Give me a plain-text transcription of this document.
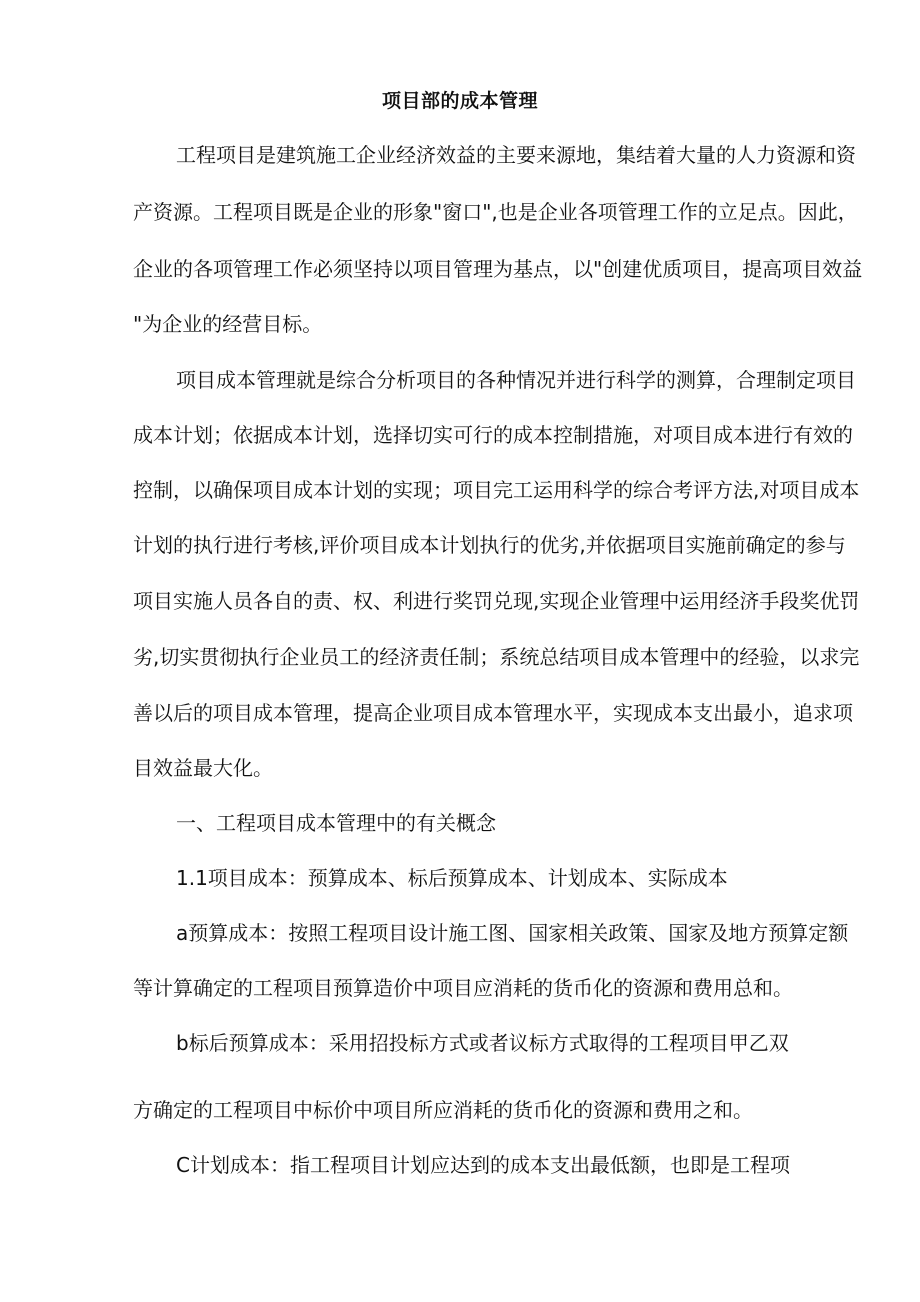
项目部的成本管理
工程项目是建筑施工企业经济效益的主要来源地，集结着大量的人力资源和资
产资源。工程项目既是企业的形象"窗口",也是企业各项管理工作的立足点。因此，
企业的各项管理工作必须坚持以项目管理为基点，以"创建优质项目，提高项目效益
"为企业的经营目标。
项目成本管理就是综合分析项目的各种情况并进行科学的测算，合理制定项目
成本计划；依据成本计划，选择切实可行的成本控制措施，对项目成本进行有效的
控制，以确保项目成本计划的实现；项目完工运用科学的综合考评方法,对项目成本
计划的执行进行考核,评价项目成本计划执行的优劣,并依据项目实施前确定的参与
项目实施人员各自的责、权、利进行奖罚兑现,实现企业管理中运用经济手段奖优罚
劣,切实贯彻执行企业员工的经济责任制；系统总结项目成本管理中的经验，以求完
善以后的项目成本管理，提高企业项目成本管理水平，实现成本支出最小，追求项
目效益最大化。
一、工程项目成本管理中的有关概念
1.1项目成本：预算成本、标后预算成本、计划成本、实际成本
a预算成本：按照工程项目设计施工图、国家相关政策、国家及地方预算定额
等计算确定的工程项目预算造价中项目应消耗的货币化的资源和费用总和。
b标后预算成本：采用招投标方式或者议标方式取得的工程项目甲乙双
方确定的工程项目中标价中项目所应消耗的货币化的资源和费用之和。
C计划成本：指工程项目计划应达到的成本支出最低额，也即是工程项
